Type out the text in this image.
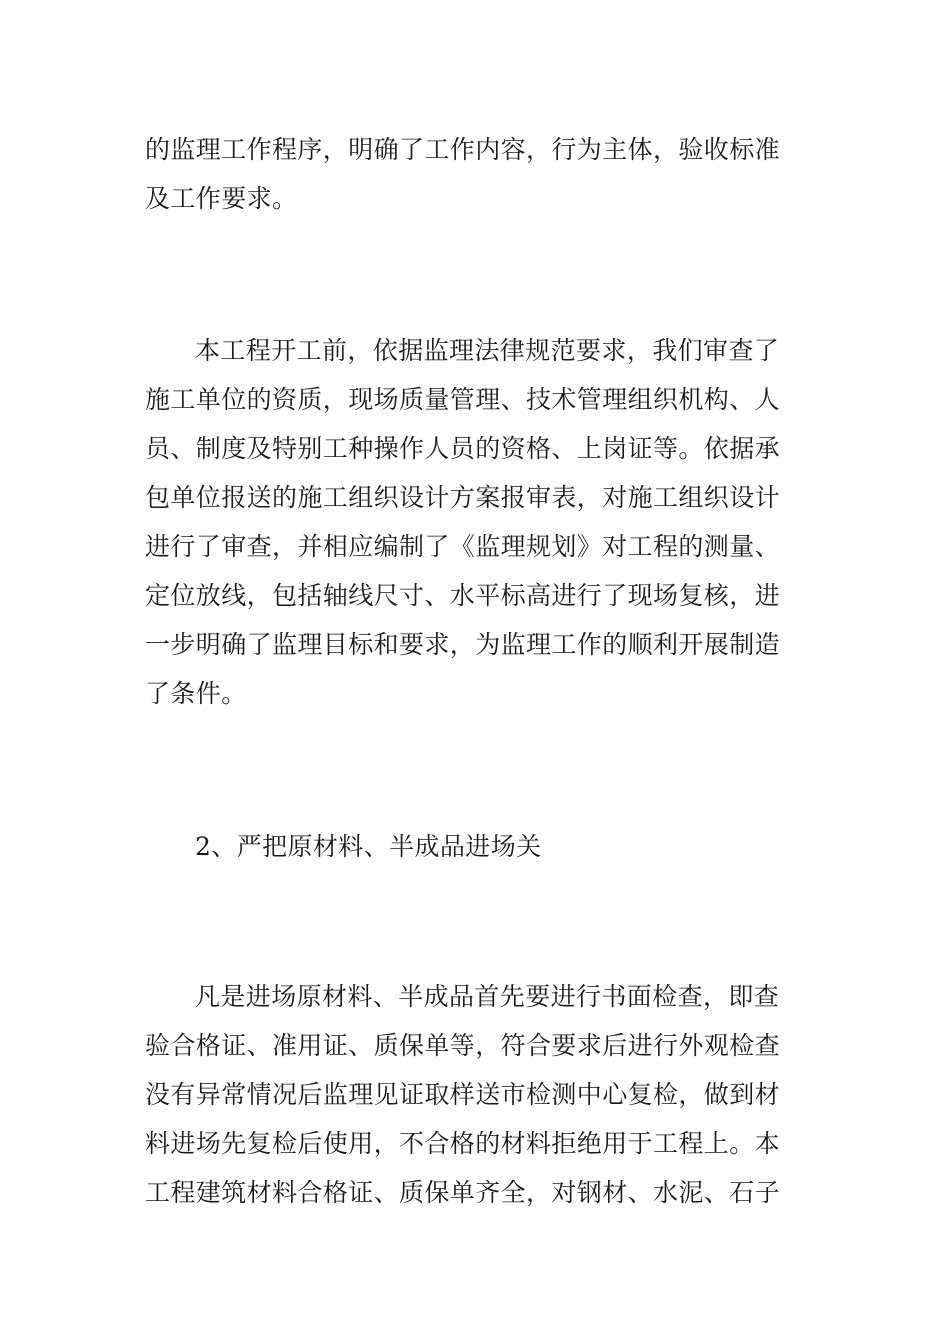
的监理工作程序，明确了工作内容，行为主体，验收标准
及工作要求。

本工程开工前，依据监理法律规范要求，我们审查了
施工单位的资质，现场质量管理、技术管理组织机构、人
员、制度及特别工种操作人员的资格、上岗证等。依据承
包单位报送的施工组织设计方案报审表，对施工组织设计
进行了审查，并相应编制了《监理规划》对工程的测量、
定位放线，包括轴线尺寸、水平标高进行了现场复核，进
一步明确了监理目标和要求，为监理工作的顺利开展制造
了条件。

2、严把原材料、半成品进场关

凡是进场原材料、半成品首先要进行书面检查，即查
验合格证、准用证、质保单等，符合要求后进行外观检查
没有异常情况后监理见证取样送市检测中心复检，做到材
料进场先复检后使用，不合格的材料拒绝用于工程上。本
工程建筑材料合格证、质保单齐全，对钢材、水泥、石子
